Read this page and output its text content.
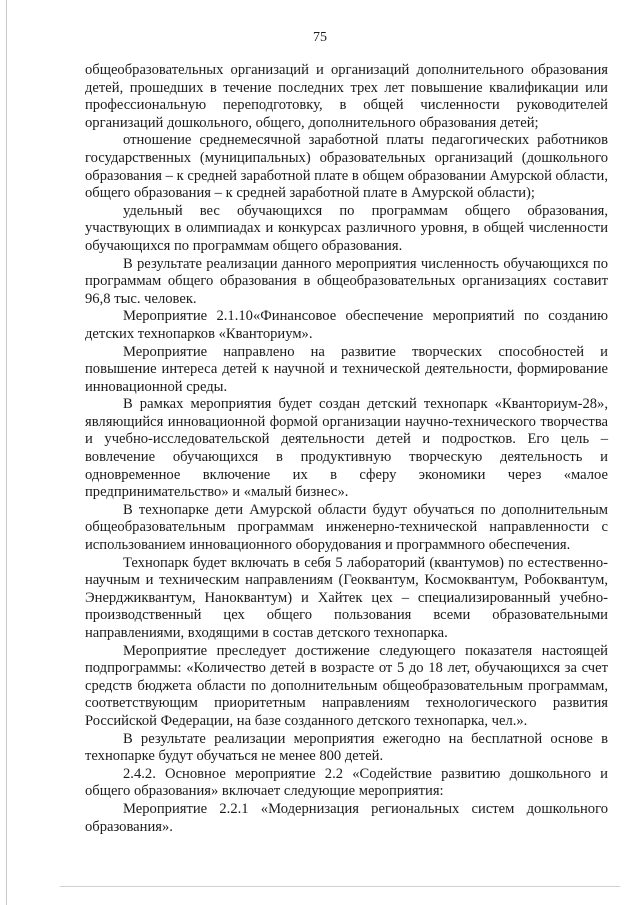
75

общеобразовательных организаций и организаций дополнительного образования детей, прошедших в течение последних трех лет повышение квалификации или профессиональную переподготовку, в общей численности руководителей организаций дошкольного, общего, дополнительного образования детей;

отношение среднемесячной заработной платы педагогических работников государственных (муниципальных) образовательных организаций (дошкольного образования – к средней заработной плате в общем образовании Амурской области, общего образования – к средней заработной плате в Амурской области);

удельный вес обучающихся по программам общего образования, участвующих в олимпиадах и конкурсах различного уровня, в общей численности обучающихся по программам общего образования.

В результате реализации данного мероприятия численность обучающихся по программам общего образования в общеобразовательных организациях составит 96,8 тыс. человек.

Мероприятие 2.1.10«Финансовое обеспечение мероприятий по созданию детских технопарков «Кванториум».

Мероприятие направлено на развитие творческих способностей и повышение интереса детей к научной и технической деятельности, формирование инновационной среды.

В рамках мероприятия будет создан детский технопарк «Кванториум-28», являющийся инновационной формой организации научно-технического творчества и учебно-исследовательской деятельности детей и подростков. Его цель – вовлечение обучающихся в продуктивную творческую деятельность и одновременное включение их в сферу экономики через «малое предпринимательство» и «малый бизнес».

В технопарке дети Амурской области будут обучаться по дополнительным общеобразовательным программам инженерно-технической направленности с использованием инновационного оборудования и программного обеспечения.

Технопарк будет включать в себя 5 лабораторий (квантумов) по естественно-научным и техническим направлениям (Геоквантум, Космоквантум, Робоквантум, Энерджиквантум, Наноквантум) и Хайтек цех – специализированный учебно-производственный цех общего пользования всеми образовательными направлениями, входящими в состав детского технопарка.

Мероприятие преследует достижение следующего показателя настоящей подпрограммы: «Количество детей в возрасте от 5 до 18 лет, обучающихся за счет средств бюджета области по дополнительным общеобразовательным программам, соответствующим приоритетным направлениям технологического развития Российской Федерации, на базе созданного детского технопарка, чел.».

В результате реализации мероприятия ежегодно на бесплатной основе в технопарке будут обучаться не менее 800 детей.

2.4.2. Основное мероприятие 2.2 «Содействие развитию дошкольного и общего образования» включает следующие мероприятия:

Мероприятие 2.2.1 «Модернизация региональных систем дошкольного образования».
